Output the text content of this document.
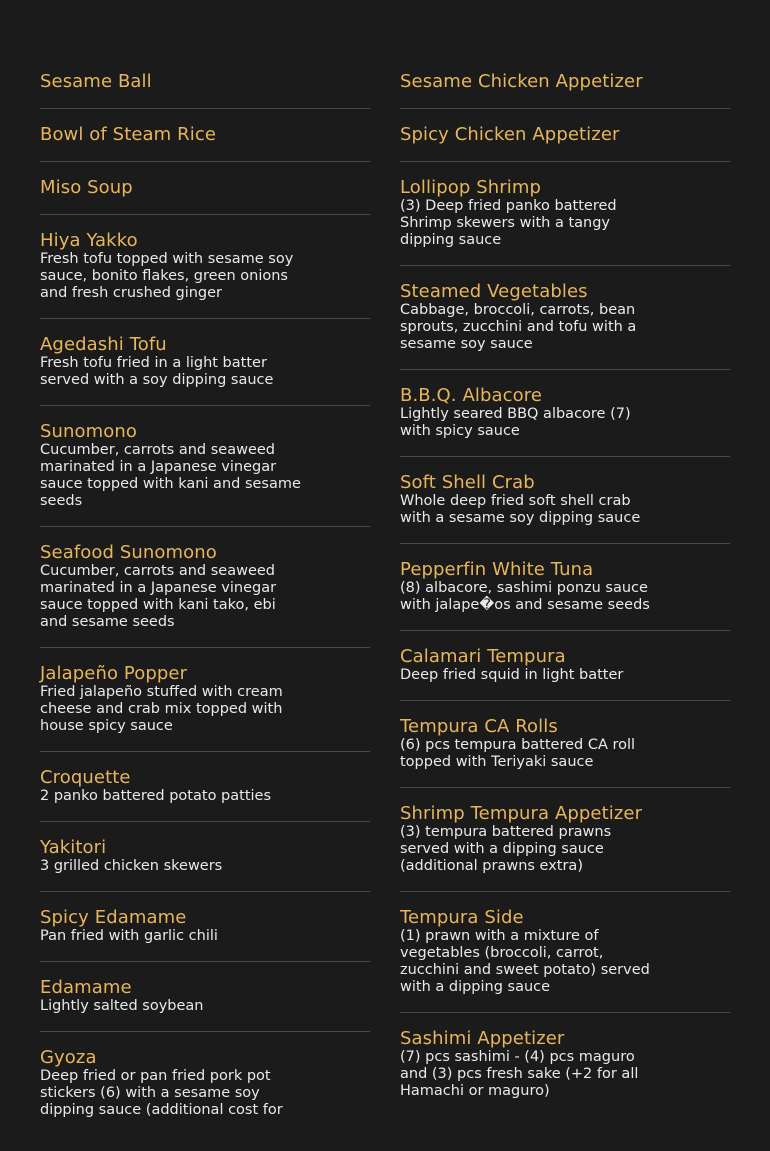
Sesame Ball
Bowl of Steam Rice
Miso Soup
Hiya Yakko
Fresh tofu topped with sesame soy sauce, bonito flakes, green onions and fresh crushed ginger
Agedashi Tofu
Fresh tofu fried in a light batter served with a soy dipping sauce
Sunomono
Cucumber, carrots and seaweed marinated in a Japanese vinegar sauce topped with kani and sesame seeds
Seafood Sunomono
Cucumber, carrots and seaweed marinated in a Japanese vinegar sauce topped with kani tako, ebi and sesame seeds
Jalapeño Popper
Fried jalapeño stuffed with cream cheese and crab mix topped with house spicy sauce
Croquette
2 panko battered potato patties
Yakitori
3 grilled chicken skewers
Spicy Edamame
Pan fried with garlic chili
Edamame
Lightly salted soybean
Gyoza
Deep fried or pan fried pork pot stickers (6) with a sesame soy dipping sauce (additional cost for
Sesame Chicken Appetizer
Spicy Chicken Appetizer
Lollipop Shrimp
(3) Deep fried panko battered Shrimp skewers with a tangy dipping sauce
Steamed Vegetables
Cabbage, broccoli, carrots, bean sprouts, zucchini and tofu with a sesame soy sauce
B.B.Q. Albacore
Lightly seared BBQ albacore (7) with spicy sauce
Soft Shell Crab
Whole deep fried soft shell crab with a sesame soy dipping sauce
Pepperfin White Tuna
(8) albacore, sashimi ponzu sauce with jalape�os and sesame seeds
Calamari Tempura
Deep fried squid in light batter
Tempura CA Rolls
(6) pcs tempura battered CA roll topped with Teriyaki sauce
Shrimp Tempura Appetizer
(3) tempura battered prawns served with a dipping sauce (additional prawns extra)
Tempura Side
(1) prawn with a mixture of vegetables (broccoli, carrot, zucchini and sweet potato) served with a dipping sauce
Sashimi Appetizer
(7) pcs sashimi - (4) pcs maguro and (3) pcs fresh sake (+2 for all Hamachi or maguro)
